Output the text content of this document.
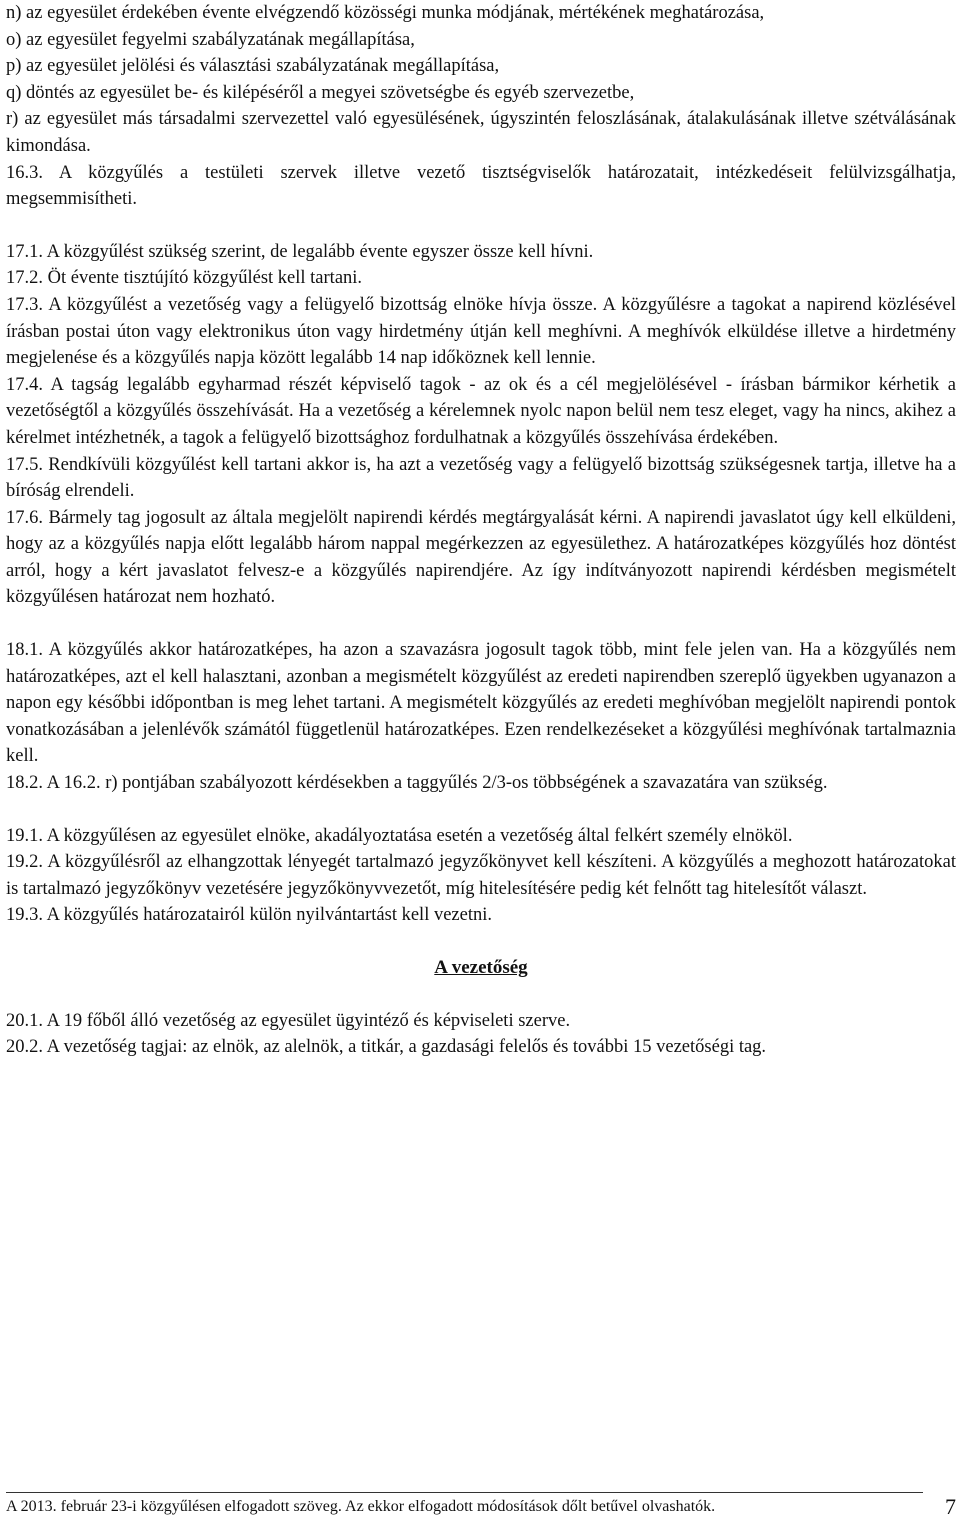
n) az egyesület érdekében évente elvégzendő közösségi munka módjának, mértékének meghatározása,

o) az egyesület fegyelmi szabályzatának megállapítása,

p) az egyesület jelölési és választási szabályzatának megállapítása,

q) döntés az egyesület be- és kilépéséről a megyei szövetségbe és egyéb szervezetbe,

r) az egyesület más társadalmi szervezettel való egyesülésének, úgyszintén feloszlásának, átalakulásának illetve szétválásának kimondása.

16.3. A közgyűlés a testületi szervek illetve vezető tisztségviselők határozatait, intézkedéseit felülvizsgálhatja, megsemmisítheti.

17.1. A közgyűlést szükség szerint, de legalább évente egyszer össze kell hívni.

17.2. Öt évente tisztújító közgyűlést kell tartani.

17.3. A közgyűlést a vezetőség vagy a felügyelő bizottság elnöke hívja össze. A közgyűlésre a tagokat a napirend közlésével írásban postai úton vagy elektronikus úton vagy hirdetmény útján kell meghívni. A meghívók elküldése illetve a hirdetmény megjelenése és a közgyűlés napja között legalább 14 nap időköznek kell lennie.

17.4. A tagság legalább egyharmad részét képviselő tagok - az ok és a cél megjelölésével - írásban bármikor kérhetik a vezetőségtől a közgyűlés összehívását. Ha a vezetőség a kérelemnek nyolc napon belül nem tesz eleget, vagy ha nincs, akihez a kérelmet intézhetnék, a tagok a felügyelő bizottsághoz fordulhatnak a közgyűlés összehívása érdekében.

17.5. Rendkívüli közgyűlést kell tartani akkor is, ha azt a vezetőség vagy a felügyelő bizottság szükségesnek tartja, illetve ha a bíróság elrendeli.

17.6. Bármely tag jogosult az általa megjelölt napirendi kérdés megtárgyalását kérni. A napirendi javaslatot úgy kell elküldeni, hogy az a közgyűlés napja előtt legalább három nappal megérkezzen az egyesülethez. A határozatképes közgyűlés hoz döntést arról, hogy a kért javaslatot felvesz-e a közgyűlés napirendjére. Az így indítványozott napirendi kérdésben megismételt közgyűlésen határozat nem hozható.

18.1. A közgyűlés akkor határozatképes, ha azon a szavazásra jogosult tagok több, mint fele jelen van. Ha a közgyűlés nem határozatképes, azt el kell halasztani, azonban a megismételt közgyűlést az eredeti napirendben szereplő ügyekben ugyanazon a napon egy későbbi időpontban is meg lehet tartani. A megismételt közgyűlés az eredeti meghívóban megjelölt napirendi pontok vonatkozásában a jelenlévők számától függetlenül határozatképes. Ezen rendelkezéseket a közgyűlési meghívónak tartalmaznia kell.

18.2. A 16.2. r) pontjában szabályozott kérdésekben a taggyűlés 2/3-os többségének a szavazatára van szükség.

19.1. A közgyűlésen az egyesület elnöke, akadályoztatása esetén a vezetőség által felkért személy elnököl.

19.2. A közgyűlésről az elhangzottak lényegét tartalmazó jegyzőkönyvet kell készíteni. A közgyűlés a meghozott határozatokat is tartalmazó jegyzőkönyv vezetésére jegyzőkönyvvezetőt, míg hitelesítésére pedig két felnőtt tag hitelesítőt választ.

19.3. A közgyűlés határozatairól külön nyilvántartást kell vezetni.

A vezetőség

20.1. A 19 főből álló vezetőség az egyesület ügyintéző és képviseleti szerve.

20.2. A vezetőség tagjai: az elnök, az alelnök, a titkár, a gazdasági felelős és további 15 vezetőségi tag.

A 2013. február 23-i közgyűlésen elfogadott szöveg. Az ekkor elfogadott módosítások dőlt betűvel olvashatók.	7
